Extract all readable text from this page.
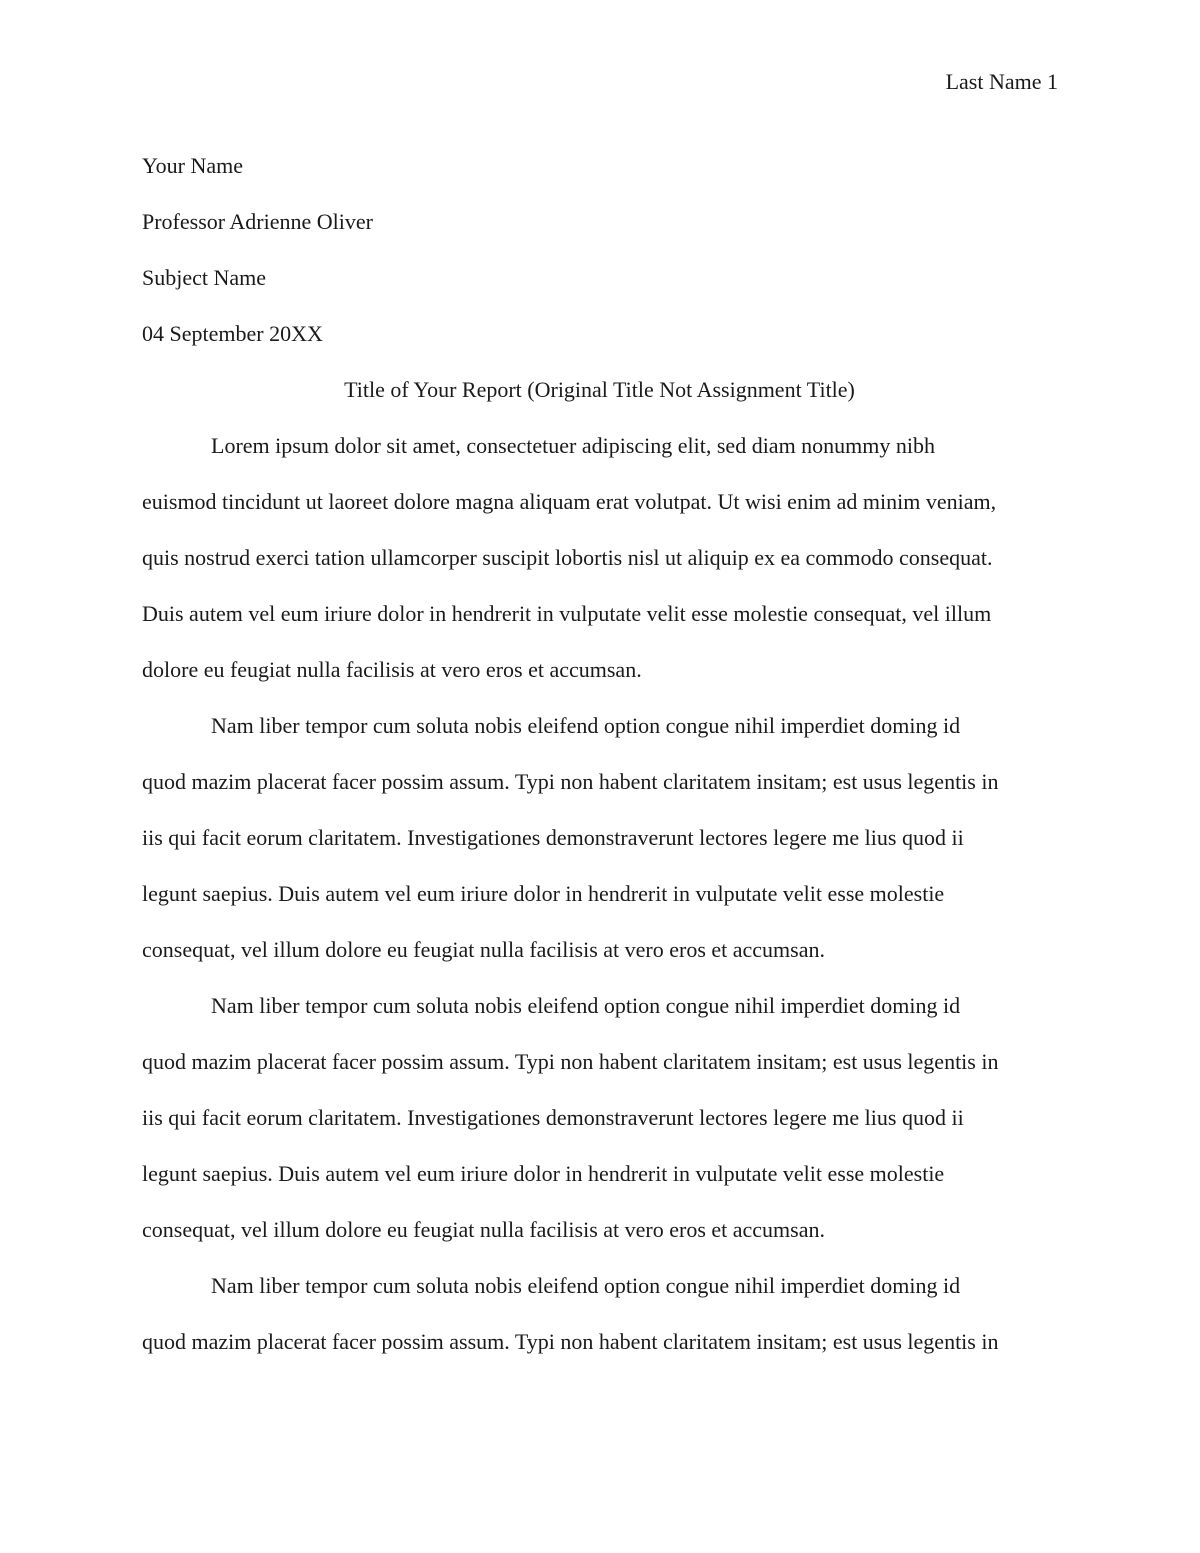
Last Name 1
Your Name
Professor Adrienne Oliver
Subject Name
04 September 20XX
Title of Your Report (Original Title Not Assignment Title)
Lorem ipsum dolor sit amet, consectetuer adipiscing elit, sed diam nonummy nibh
euismod tincidunt ut laoreet dolore magna aliquam erat volutpat. Ut wisi enim ad minim veniam,
quis nostrud exerci tation ullamcorper suscipit lobortis nisl ut aliquip ex ea commodo consequat.
Duis autem vel eum iriure dolor in hendrerit in vulputate velit esse molestie consequat, vel illum
dolore eu feugiat nulla facilisis at vero eros et accumsan.
Nam liber tempor cum soluta nobis eleifend option congue nihil imperdiet doming id
quod mazim placerat facer possim assum. Typi non habent claritatem insitam; est usus legentis in
iis qui facit eorum claritatem. Investigationes demonstraverunt lectores legere me lius quod ii
legunt saepius. Duis autem vel eum iriure dolor in hendrerit in vulputate velit esse molestie
consequat, vel illum dolore eu feugiat nulla facilisis at vero eros et accumsan.
Nam liber tempor cum soluta nobis eleifend option congue nihil imperdiet doming id
quod mazim placerat facer possim assum. Typi non habent claritatem insitam; est usus legentis in
iis qui facit eorum claritatem. Investigationes demonstraverunt lectores legere me lius quod ii
legunt saepius. Duis autem vel eum iriure dolor in hendrerit in vulputate velit esse molestie
consequat, vel illum dolore eu feugiat nulla facilisis at vero eros et accumsan.
Nam liber tempor cum soluta nobis eleifend option congue nihil imperdiet doming id
quod mazim placerat facer possim assum. Typi non habent claritatem insitam; est usus legentis in
